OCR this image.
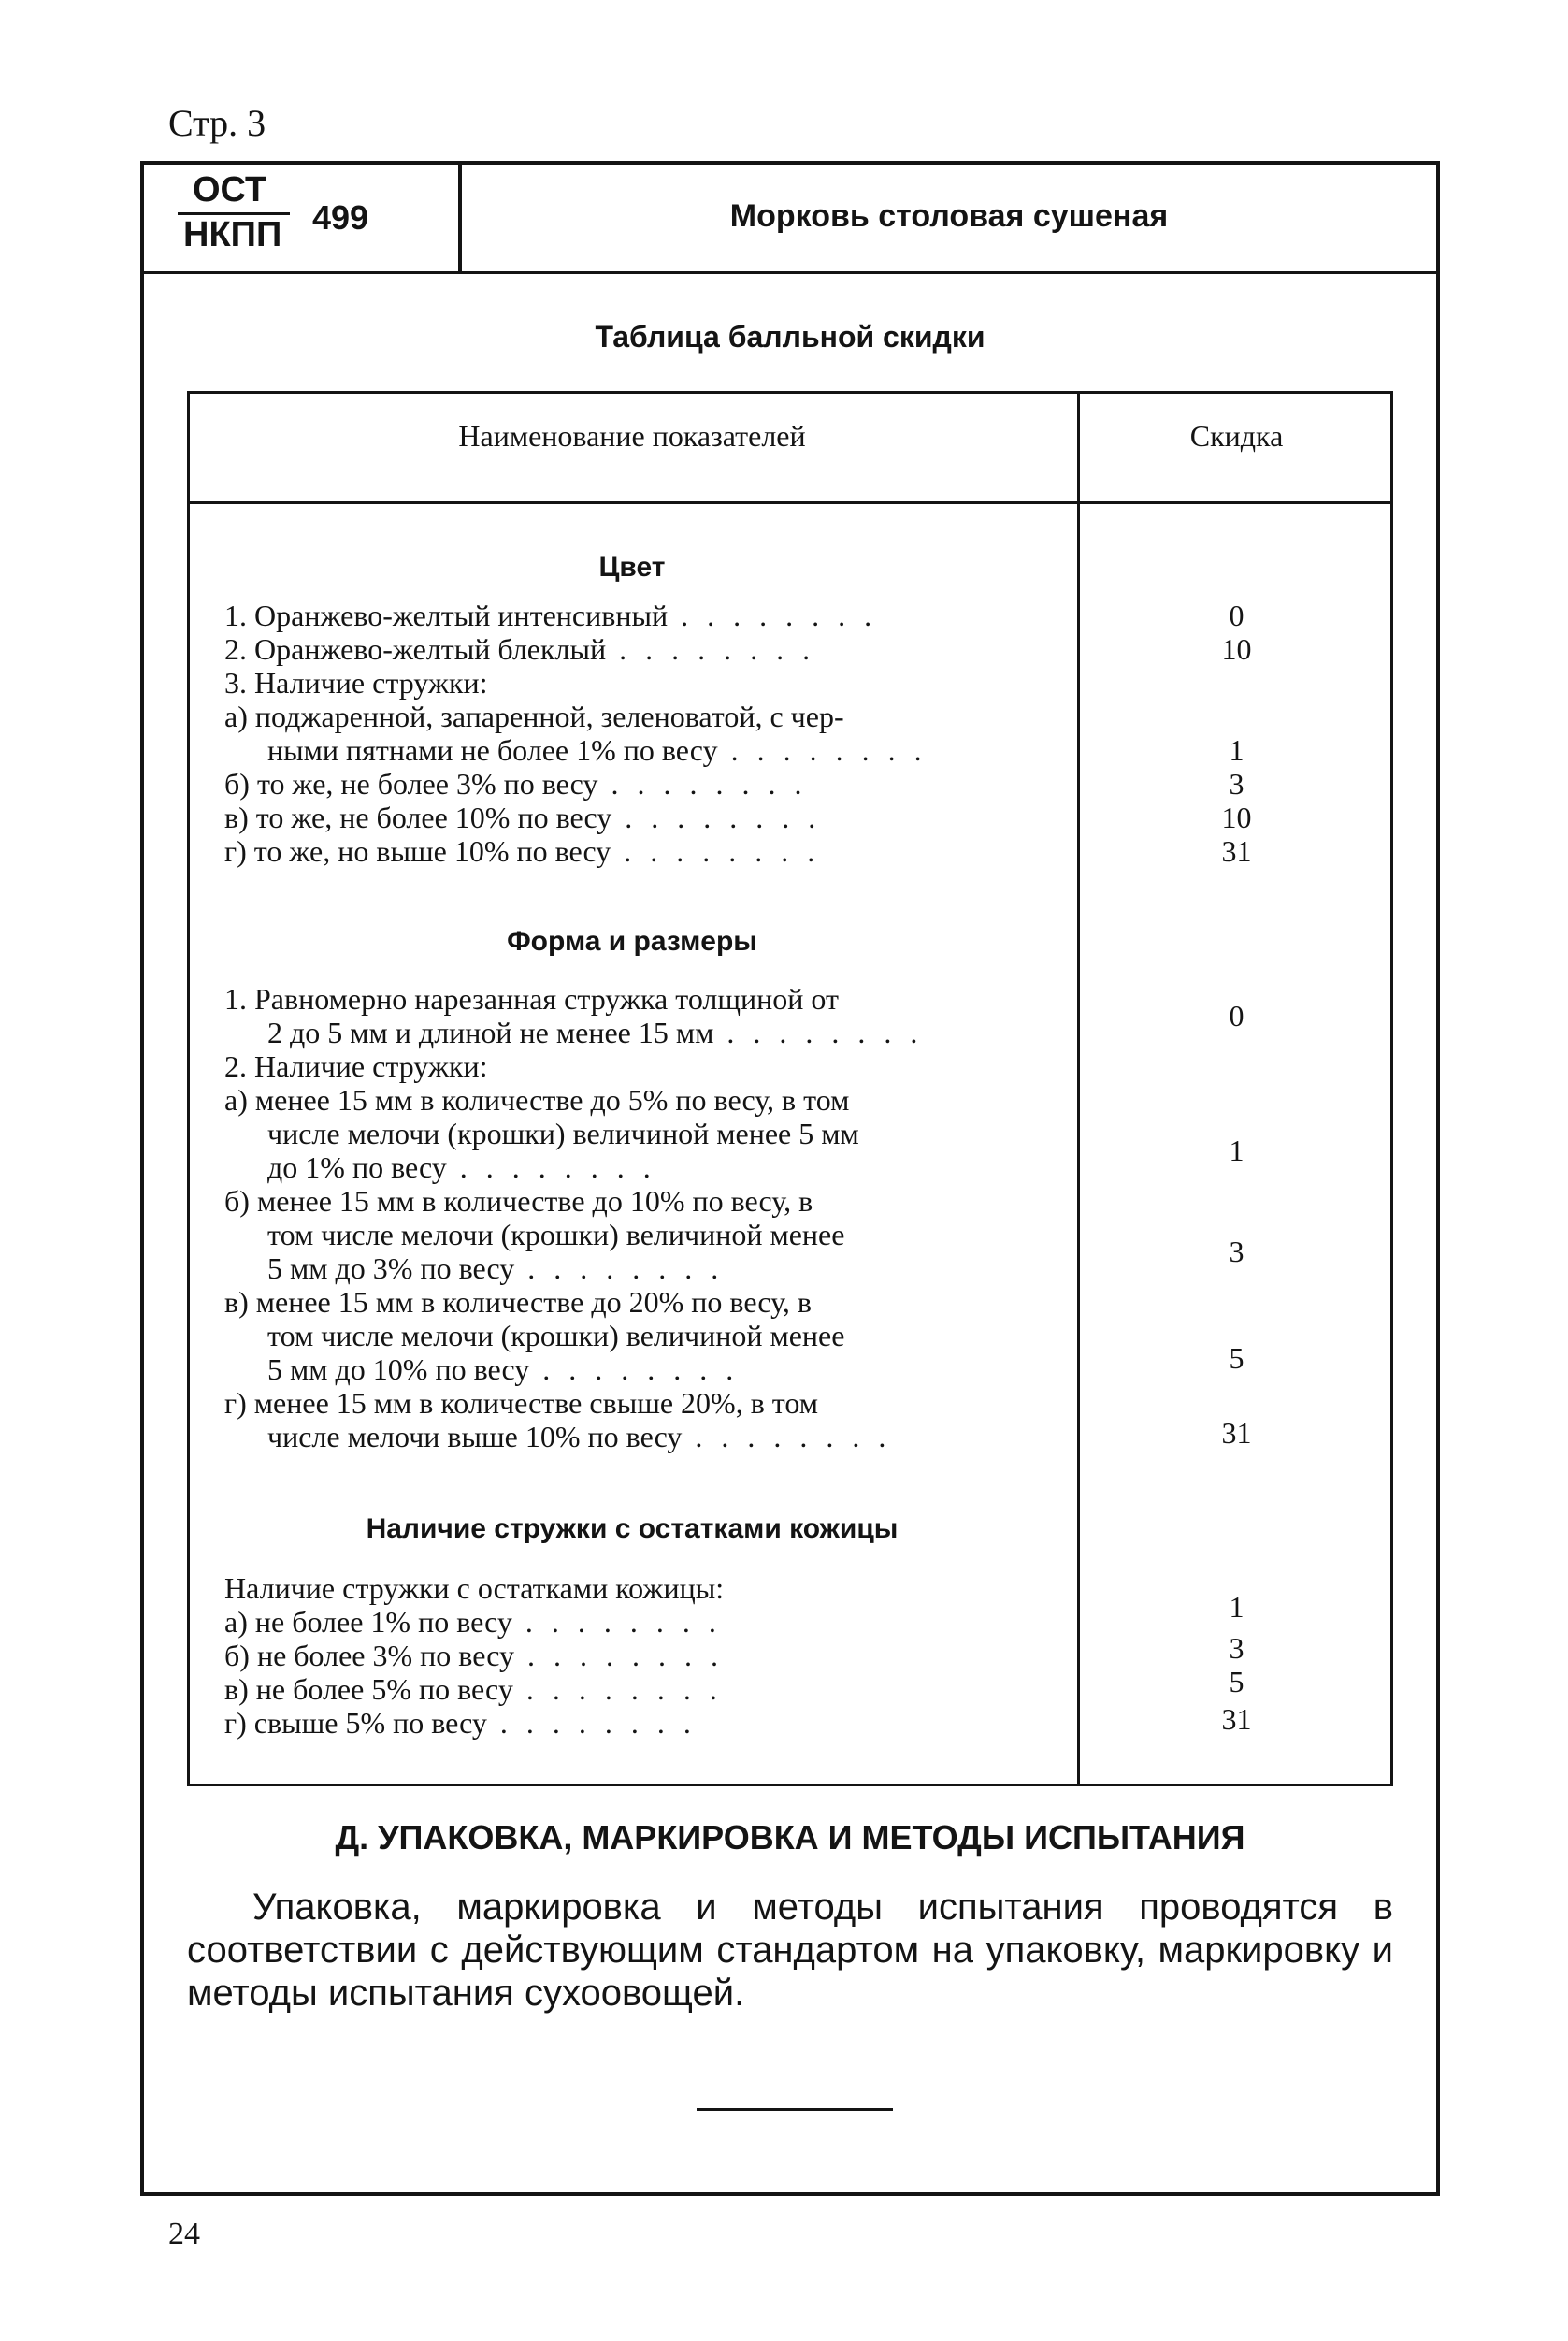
Стр. 3
ОСТ
НКПП 499	Морковь столовая сушеная
Таблица балльной скидки
Наименование показателей	Скидка
Цвет
1. Оранжево-желтый интенсивный . . .	0
2. Оранжево-желтый блеклый . . .	10
3. Наличие стружки:
а) поджаренной, запаренной, зеленоватой, с чер-
ными пятнами не более 1% по весу . . .	1
б) то же, не более 3% по весу . . .	3
в) то же, не более 10% по весу . . .	10
г) то же, но выше 10% по весу . . .	31
Форма и размеры
1. Равномерно нарезанная стружка толщиной от
2 до 5 мм и длиной не менее 15 мм . . .	0
2. Наличие стружки:
а) менее 15 мм в количестве до 5% по весу, в том
числе мелочи (крошки) величиной менее 5 мм
до 1% по весу . . .	1
б) менее 15 мм в количестве до 10% по весу, в
том числе мелочи (крошки) величиной менее
5 мм до 3% по весу . . .	3
в) менее 15 мм в количестве до 20% по весу, в
том числе мелочи (крошки) величиной менее
5 мм до 10% по весу . . .	5
г) менее 15 мм в количестве свыше 20%, в том
числе мелочи выше 10% по весу . . .	31
Наличие стружки с остатками кожицы
Наличие стружки с остатками кожицы:
а) не более 1% по весу . . .	1
б) не более 3% по весу . . .	3
в) не более 5% по весу . . .	5
г) свыше 5% по весу . . .	31
Д. УПАКОВКА, МАРКИРОВКА И МЕТОДЫ ИСПЫТАНИЯ
Упаковка, маркировка и методы испытания проводятся в соответствии с действующим стандартом на упаковку, маркировку и методы испытания сухоовощей.
24
